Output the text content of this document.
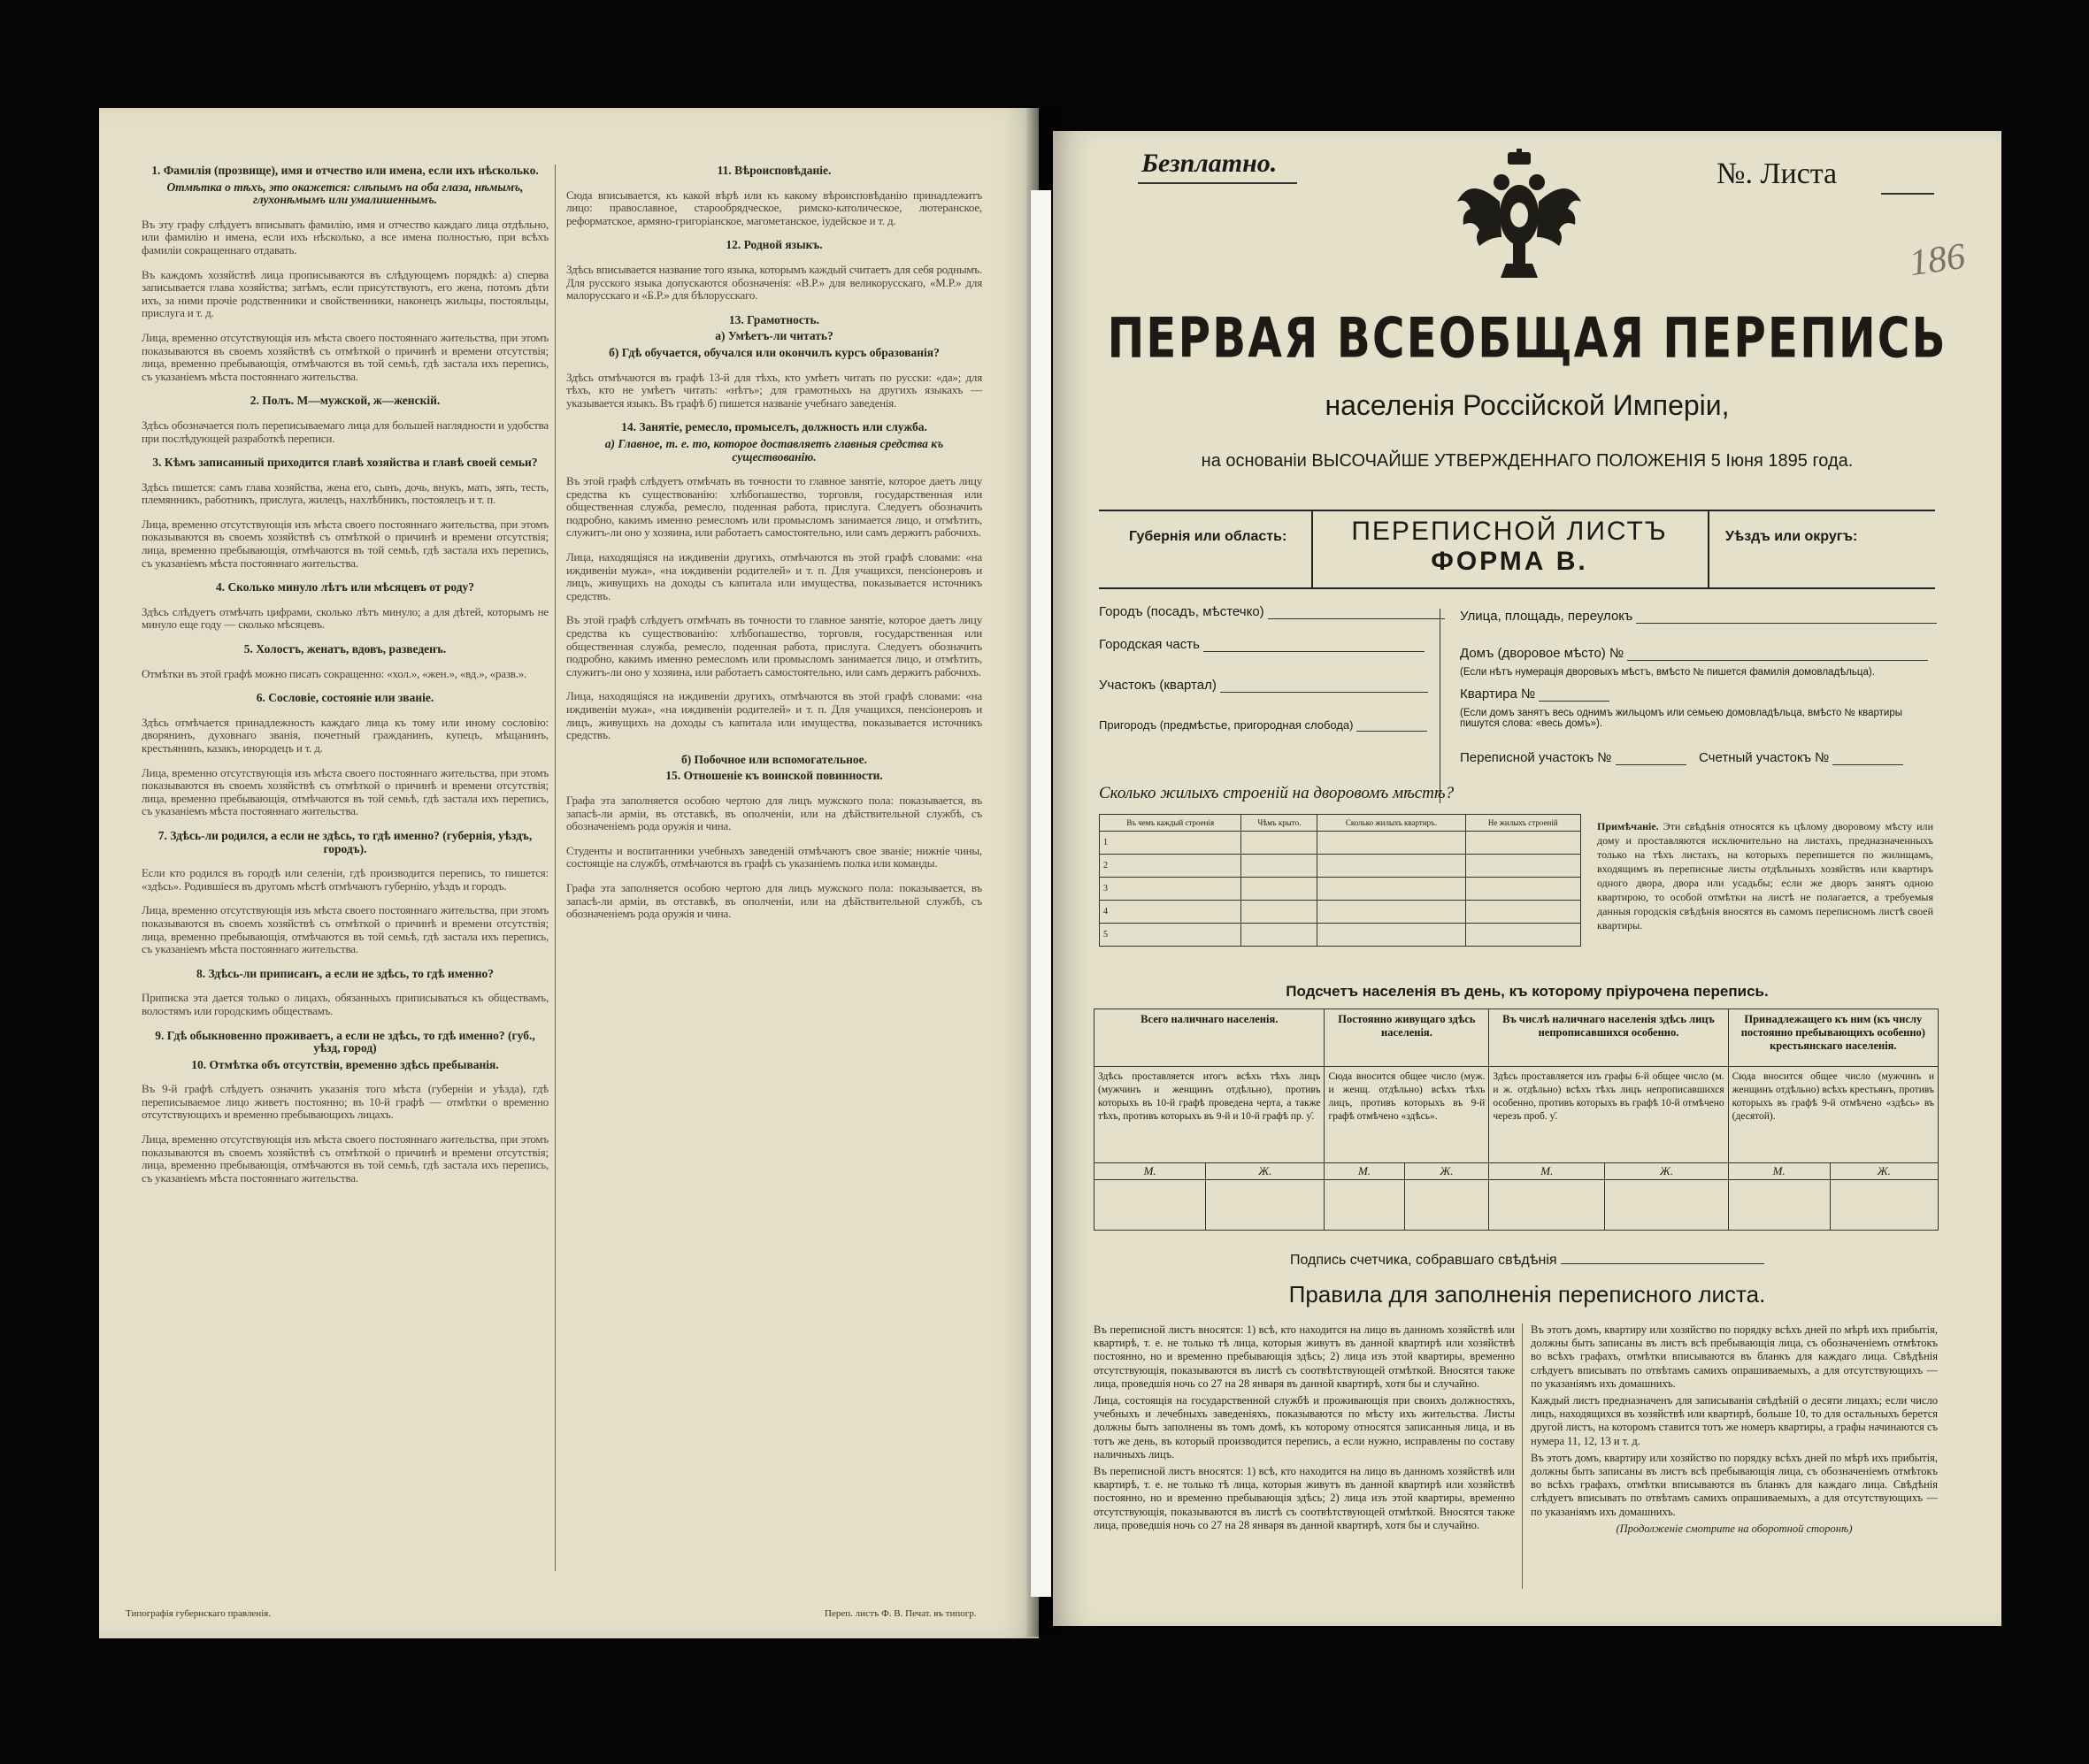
1. Фамилія (прозвище), имя и отчество или имена, если ихъ нѣсколько.
Отмѣтка о тѣхъ, это окажется: слѣпымъ на оба глаза, нѣмымъ, глухонѣмымъ или умалишеннымъ.

Въ эту графу слѣдуетъ вписывать фамилію, имя и отчество каждаго лица отдѣльно, или фамилію и имена, если ихъ нѣсколько, а все имена полностью, при всѣхъ фамиліи сокращеннаго отдавать.

Въ каждомъ хозяйствѣ лица прописываются въ слѣдующемъ порядкѣ: а) сперва записывается глава хозяйства; затѣмъ, если присутствуютъ, его жена, потомъ дѣти ихъ, за ними прочіе родственники и свойственники, наконецъ жильцы, постояльцы, прислуга и т. д.

Лица, временно отсутствующія изъ мѣста своего постояннаго жительства, при этомъ показываются въ своемъ хозяйствѣ съ отмѣткой о причинѣ и времени отсутствія; лица, временно пребывающія, отмѣчаются въ той семьѣ, гдѣ застала ихъ перепись, съ указаніемъ мѣста постояннаго жительства.

2. Полъ. М—мужской, ж—женскій.

Здѣсь обозначается полъ переписываемаго лица для большей наглядности и удобства при послѣдующей разработкѣ переписи.

3. Кѣмъ записанный приходится главѣ хозяйства и главѣ своей семьи?

Здѣсь пишется: самъ глава хозяйства, жена его, сынъ, дочь, внукъ, мать, зять, тесть, племянникъ, работникъ, прислуга, жилецъ, нахлѣбникъ, постоялецъ и т. п.

Лица, временно отсутствующія изъ мѣста своего постояннаго жительства, при этомъ показываются въ своемъ хозяйствѣ съ отмѣткой о причинѣ и времени отсутствія; лица, временно пребывающія, отмѣчаются въ той семьѣ, гдѣ застала ихъ перепись, съ указаніемъ мѣста постояннаго жительства.

4. Сколько минуло лѣтъ или мѣсяцевъ от роду?

Здѣсь слѣдуетъ отмѣчать цифрами, сколько лѣтъ минуло; а для дѣтей, которымъ не минуло еще году — сколько мѣсяцевъ.

5. Холостъ, женатъ, вдовъ, разведенъ.

Отмѣтки въ этой графѣ можно писать сокращенно: «хол.», «жен.», «вд.», «разв.».

6. Сословіе, состояніе или званіе.

Здѣсь отмѣчается принадлежность каждаго лица къ тому или иному сословію: дворянинъ, духовнаго званія, почетный гражданинъ, купецъ, мѣщанинъ, крестьянинъ, казакъ, инородецъ и т. д.

Лица, временно отсутствующія изъ мѣста своего постояннаго жительства, при этомъ показываются въ своемъ хозяйствѣ съ отмѣткой о причинѣ и времени отсутствія; лица, временно пребывающія, отмѣчаются въ той семьѣ, гдѣ застала ихъ перепись, съ указаніемъ мѣста постояннаго жительства.

7. Здѣсь-ли родился, а если не здѣсь, то гдѣ именно? (губернія, уѣздъ, городъ).

Если кто родился въ городѣ или селеніи, гдѣ производится перепись, то пишется: «здѣсь». Родившіеся въ другомъ мѣстѣ отмѣчаютъ губернію, уѣздъ и городъ.

Лица, временно отсутствующія изъ мѣста своего постояннаго жительства, при этомъ показываются въ своемъ хозяйствѣ съ отмѣткой о причинѣ и времени отсутствія; лица, временно пребывающія, отмѣчаются въ той семьѣ, гдѣ застала ихъ перепись, съ указаніемъ мѣста постояннаго жительства.

8. Здѣсь-ли приписанъ, а если не здѣсь, то гдѣ именно?

Приписка эта дается только о лицахъ, обязанныхъ приписываться къ обществамъ, волостямъ или городскимъ обществамъ.

9. Гдѣ обыкновенно проживаетъ, а если не здѣсь, то гдѣ именно? (губ., уѣзд, город)
10. Отмѣтка объ отсутствіи, временно здѣсь пребыванія.

Въ 9-й графѣ слѣдуетъ означить указанія того мѣста (губерніи и уѣзда), гдѣ переписываемое лицо живетъ постоянно; въ 10-й графѣ — отмѣтки о временно отсутствующихъ и временно пребывающихъ лицахъ.

Лица, временно отсутствующія изъ мѣста своего постояннаго жительства, при этомъ показываются въ своемъ хозяйствѣ съ отмѣткой о причинѣ и времени отсутствія; лица, временно пребывающія, отмѣчаются въ той семьѣ, гдѣ застала ихъ перепись, съ указаніемъ мѣста постояннаго жительства.

11. Вѣроисповѣданіе.

Сюда вписывается, къ какой вѣрѣ или къ какому вѣроисповѣданію принадлежитъ лицо: православное, старообрядческое, римско-католическое, лютеранское, реформатское, армяно-григоріанское, магометанское, іудейское и т. д.

12. Родной языкъ.

Здѣсь вписывается название того языка, которымъ каждый считаетъ для себя роднымъ. Для русского языка допускаются обозначенія: «В.Р.» для великорусскаго, «М.Р.» для малорусскаго и «Б.Р.» для бѣлорусскаго.

13. Грамотность.
а) Умѣетъ-ли читать?
б) Гдѣ обучается, обучался или окончилъ курсъ образованія?

Здѣсь отмѣчаются въ графѣ 13-й для тѣхъ, кто умѣетъ читать по русски: «да»; для тѣхъ, кто не умѣетъ читать: «нѣтъ»; для грамотныхъ на другихъ языкахъ — указывается языкъ. Въ графѣ б) пишется названіе учебнаго заведенія.

14. Занятіе, ремесло, промыселъ, должность или служба.
а) Главное, т. е. то, которое доставляетъ главныя средства къ существованію.

Въ этой графѣ слѣдуетъ отмѣчать въ точности то главное занятіе, которое даетъ лицу средства къ существованію: хлѣбопашество, торговля, государственная или общественная служба, ремесло, поденная работа, прислуга. Следуетъ обозначить подробно, какимъ именно ремесломъ или промысломъ занимается лицо, и отмѣтить, служитъ-ли оно у хозяина, или работаетъ самостоятельно, или самъ держитъ рабочихъ.

Лица, находящіяся на иждивеніи другихъ, отмѣчаются въ этой графѣ словами: «на иждивеніи мужа», «на иждивеніи родителей» и т. п. Для учащихся, пенсіонеровъ и лицъ, живущихъ на доходы съ капитала или имущества, показывается источникъ средствъ.

Въ этой графѣ слѣдуетъ отмѣчать въ точности то главное занятіе, которое даетъ лицу средства къ существованію: хлѣбопашество, торговля, государственная или общественная служба, ремесло, поденная работа, прислуга. Следуетъ обозначить подробно, какимъ именно ремесломъ или промысломъ занимается лицо, и отмѣтить, служитъ-ли оно у хозяина, или работаетъ самостоятельно, или самъ держитъ рабочихъ.

Лица, находящіяся на иждивеніи другихъ, отмѣчаются въ этой графѣ словами: «на иждивеніи мужа», «на иждивеніи родителей» и т. п. Для учащихся, пенсіонеровъ и лицъ, живущихъ на доходы съ капитала или имущества, показывается источникъ средствъ.

б) Побочное или вспомогательное.
15. Отношеніе къ воинской повинности.

Графа эта заполняется особою чертою для лицъ мужского пола: показывается, въ запасѣ-ли армiи, въ отставкѣ, въ ополченіи, или на дѣйствительной службѣ, съ обозначеніемъ рода оружія и чина.

Студенты и воспитанники учебныхъ заведеній отмѣчаютъ свое званіе; нижніе чины, состоящіе на службѣ, отмѣчаются въ графѣ съ указаніемъ полка или команды.

Графа эта заполняется особою чертою для лицъ мужского пола: показывается, въ запасѣ-ли армiи, въ отставкѣ, въ ополченіи, или на дѣйствительной службѣ, съ обозначеніемъ рода оружія и чина.

Типографія губернскаго правленія.	Переп. листъ Ф. В. Печат. въ типогр.
Безплатно.	№. Листа
186
ПЕРВАЯ ВСЕОБЩАЯ ПЕРЕПИСЬ
населенія Россійской Имперіи,
на основаніи ВЫСОЧАЙШЕ УТВЕРЖДЕННАГО ПОЛОЖЕНІЯ 5 Іюня 1895 года.
Губернія или область:	ПЕРЕПИСНОЙ ЛИСТЪ
ФОРМА В.
Уѣздъ или округъ:
Городъ (посадъ, мѣстечко)
Городская часть
Участокъ (квартал)
Пригородъ (предмѣстье, пригородная слобода)
Улица, площадь, переулокъ
Домъ (дворовое мѣсто) №
(Если нѣтъ нумерація дворовыхъ мѣстъ, вмѣсто № пишется фамилія домовладѣльца).
Квартира №
(Если домъ занятъ весь однимъ жильцомъ или семьею домовладѣльца, вмѣсто № квартиры пишутся слова: «весь домъ»).
Переписной участокъ №	Счетный участокъ №
Сколько жилыхъ строеній на дворовомъ мѣстѣ?
Въ чемъ каждый строенія	Чѣмъ крыто.	Сколько жилыхъ квартиръ.	Не жилыхъ строеній
1			
2			
3			
4			
5			
Примѣчаніе. Эти свѣдѣнія относятся къ цѣлому дворовому мѣсту или дому и проставляются исключительно на листахъ, предназначенныхъ только на тѣхъ листахъ, на которыхъ перепишется по жилищамъ, входящимъ въ переписные листы отдѣльныхъ хозяйствъ или квартиръ одного двора, двора или усадьбы; если же дворъ занятъ одною квартирою, то особой отмѣтки на листѣ не полагается, а требуемыя данныя городскія свѣдѣнія вносятся въ самомъ переписномъ листѣ своей квартиры.
Подсчетъ населенія въ день, къ которому пріурочена перепись.
Всего наличнаго населенія.		Постоянно живущаго здѣсь населенія.		Въ числѣ наличнаго населенія здѣсь лицъ непрописавшихся особенно.		Принадлежащего къ ним (къ числу постоянно пребывающихъ особенно) крестьянскаго населенія.	
Здѣсь проставляется итогъ всѣхъ тѣхъ лицъ (мужчинъ и женщинъ отдѣльно), противъ которыхъ въ 10-й графѣ проведена черта, а также тѣхъ, противъ которыхъ въ 9-й и 10-й графѣ пр. ƴ.		Сюда вносится общее число (муж. и женщ. отдѣльно) всѣхъ тѣхъ лицъ, противъ которыхъ въ 9-й графѣ отмѣчено «здѣсь».		Здѣсь проставляется изъ графы 6-й общее число (м. и ж. отдѣльно) всѣхъ тѣхъ лицъ непрописавшихся особенно, противъ которыхъ въ графѣ 10-й отмѣчено черезъ проб. ƴ.		Сюда вносится общее число (мужчинъ и женщинъ отдѣльно) всѣхъ крестьянъ, противъ которыхъ въ графѣ 9-й отмѣчено «здѣсь» въ (десятой).	
М.	Ж.	М.	Ж.	М.	Ж.	М.	Ж.

Подпись счетчика, собравшаго свѣдѣнія
Правила для заполненія переписного листа.

Въ переписной листъ вносятся: 1) всѣ, кто находится на лицо въ данномъ хозяйствѣ или квартирѣ, т. е. не только тѣ лица, которыя живутъ въ данной квартирѣ или хозяйствѣ постоянно, но и временно пребывающія здѣсь; 2) лица изъ этой квартиры, временно отсутствующія, показываются въ листѣ съ соотвѣтствующей отмѣткой. Вносятся также лица, проведшія ночь со 27 на 28 января въ данной квартирѣ, хотя бы и случайно.

Лица, состоящія на государственной службѣ и проживающія при своихъ должностяхъ, учебныхъ и лечебныхъ заведеніяхъ, показываются по мѣсту ихъ жительства. Листы должны быть заполнены въ томъ домѣ, къ которому относятся записанныя лица, и въ тотъ же день, въ который производится перепись, а если нужно, исправлены по составу наличныхъ лицъ.

Въ переписной листъ вносятся: 1) всѣ, кто находится на лицо въ данномъ хозяйствѣ или квартирѣ, т. е. не только тѣ лица, которыя живутъ въ данной квартирѣ или хозяйствѣ постоянно, но и временно пребывающія здѣсь; 2) лица изъ этой квартиры, временно отсутствующія, показываются въ листѣ съ соотвѣтствующей отмѣткой. Вносятся также лица, проведшія ночь со 27 на 28 января въ данной квартирѣ, хотя бы и случайно.

Въ этотъ домъ, квартиру или хозяйство по порядку всѣхъ дней по мѣрѣ ихъ прибытія, должны быть записаны въ листъ всѣ пребывающія лица, съ обозначеніемъ отмѣтокъ во всѣхъ графахъ, отмѣтки вписываются въ бланкъ для каждаго лица. Свѣдѣнія слѣдуетъ вписывать по отвѣтамъ самихъ опрашиваемыхъ, а для отсутствующихъ — по указаніямъ ихъ домашнихъ.

Каждый листъ предназначенъ для записыванія свѣдѣній о десяти лицахъ; если число лицъ, находящихся въ хозяйствѣ или квартирѣ, больше 10, то для остальныхъ берется другой листъ, на которомъ ставится тотъ же номеръ квартиры, а графы начинаются съ нумера 11, 12, 13 и т. д.

Въ этотъ домъ, квартиру или хозяйство по порядку всѣхъ дней по мѣрѣ ихъ прибытія, должны быть записаны въ листъ всѣ пребывающія лица, съ обозначеніемъ отмѣтокъ во всѣхъ графахъ, отмѣтки вписываются въ бланкъ для каждаго лица. Свѣдѣнія слѣдуетъ вписывать по отвѣтамъ самихъ опрашиваемыхъ, а для отсутствующихъ — по указаніямъ ихъ домашнихъ.

(Продолженіе смотрите на оборотной сторонѣ)
